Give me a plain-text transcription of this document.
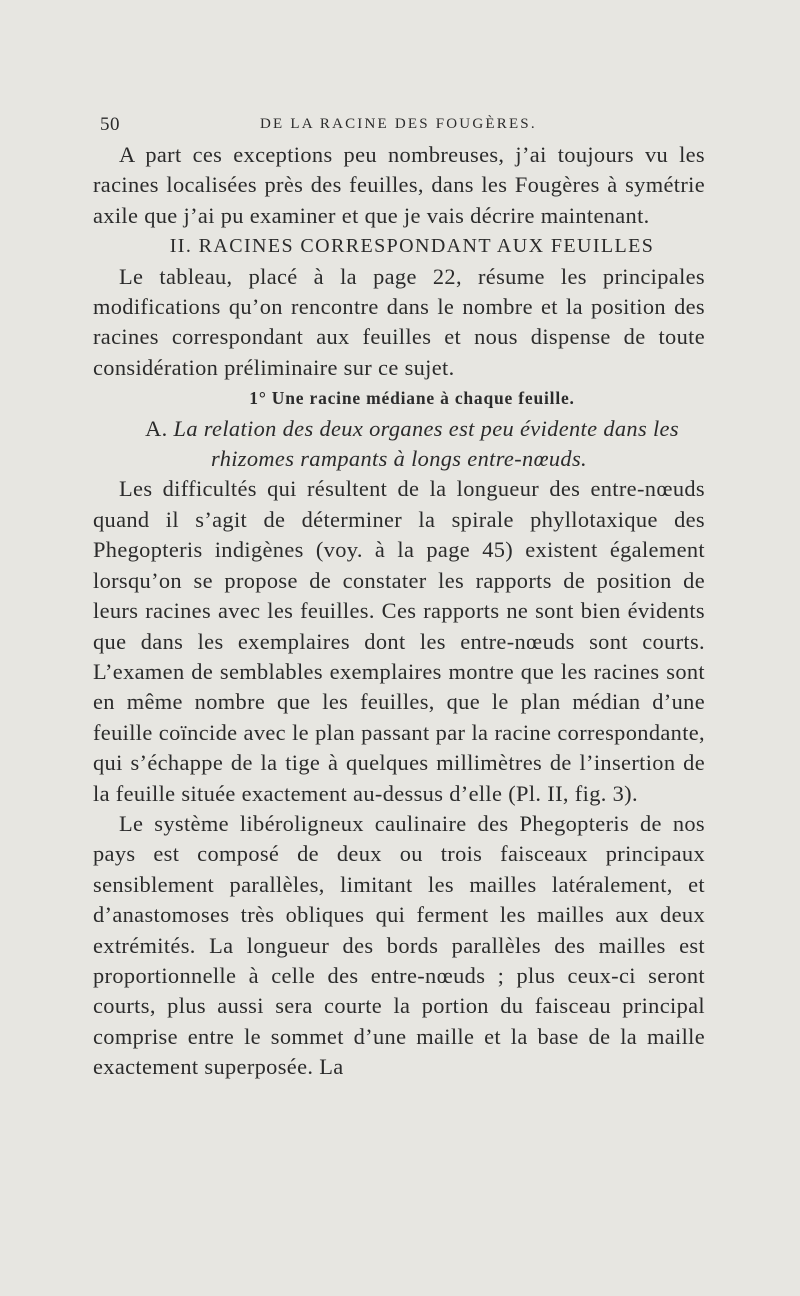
50	DE LA RACINE DES FOUGÈRES.

A part ces exceptions peu nombreuses, j’ai toujours vu les racines localisées près des feuilles, dans les Fougères à symétrie axile que j’ai pu examiner et que je vais décrire maintenant.

II. RACINES CORRESPONDANT AUX FEUILLES

Le tableau, placé à la page 22, résume les principales modifications qu’on rencontre dans le nombre et la position des racines correspondant aux feuilles et nous dispense de toute considération préliminaire sur ce sujet.

1° Une racine médiane à chaque feuille.

A. La relation des deux organes est peu évidente dans les rhizomes rampants à longs entre-nœuds.

Les difficultés qui résultent de la longueur des entre-nœuds quand il s’agit de déterminer la spirale phyllotaxique des Phegopteris indigènes (voy. à la page 45) existent également lorsqu’on se propose de constater les rapports de position de leurs racines avec les feuilles. Ces rapports ne sont bien évidents que dans les exemplaires dont les entre-nœuds sont courts. L’examen de semblables exemplaires montre que les racines sont en même nombre que les feuilles, que le plan médian d’une feuille coïncide avec le plan passant par la racine correspondante, qui s’échappe de la tige à quelques millimètres de l’insertion de la feuille située exactement au-dessus d’elle (Pl. II, fig. 3).

Le système libéroligneux caulinaire des Phegopteris de nos pays est composé de deux ou trois faisceaux principaux sensiblement parallèles, limitant les mailles latéralement, et d’anastomoses très obliques qui ferment les mailles aux deux extrémités. La longueur des bords parallèles des mailles est proportionnelle à celle des entre-nœuds ; plus ceux-ci seront courts, plus aussi sera courte la portion du faisceau principal comprise entre le sommet d’une maille et la base de la maille exactement superposée. La
